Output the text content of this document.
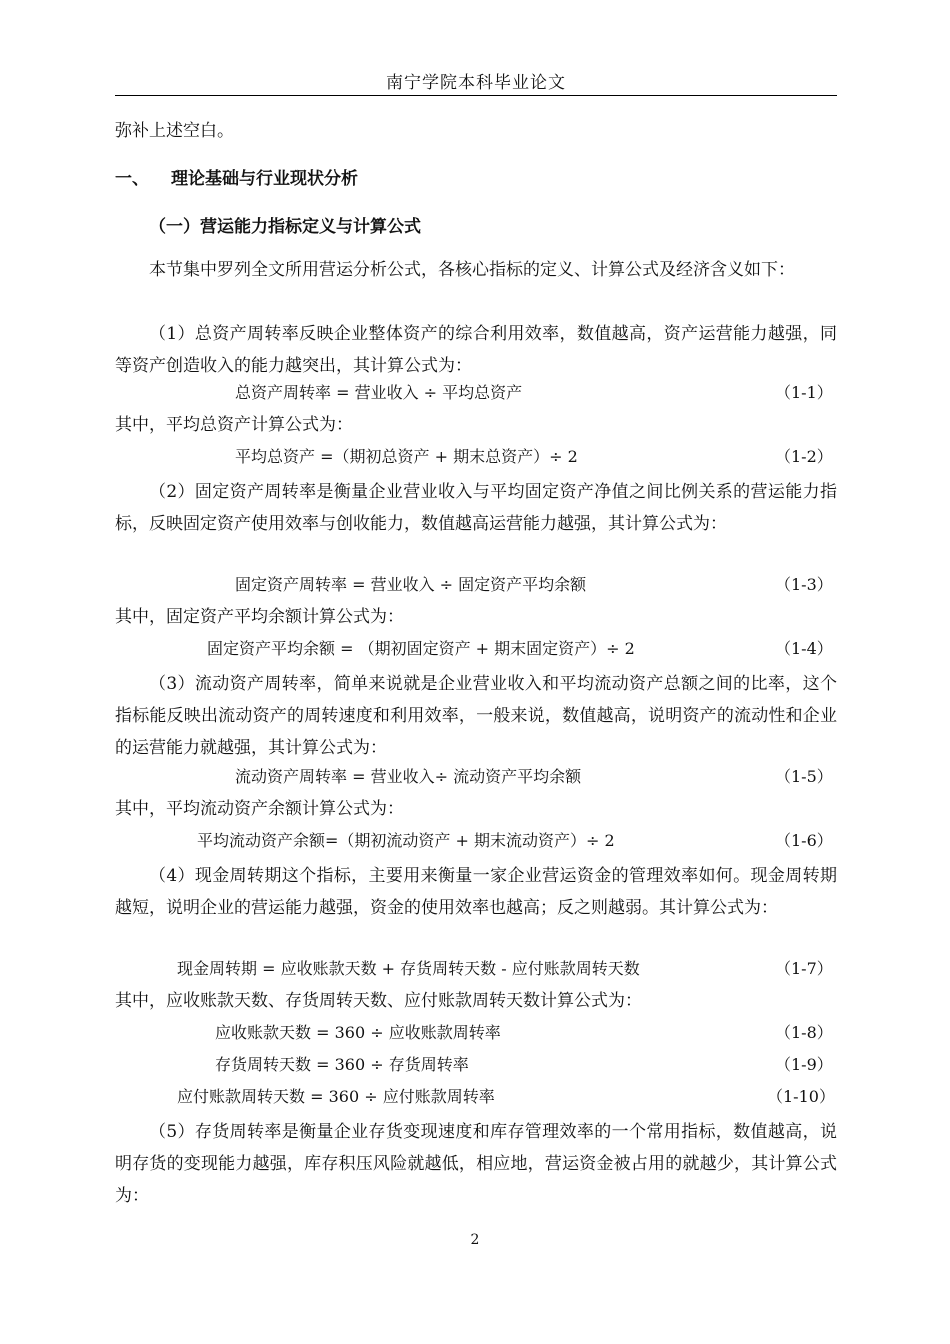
南宁学院本科毕业论文
弥补上述空白。
一、 理论基础与行业现状分析
（一）营运能力指标定义与计算公式
本节集中罗列全文所用营运分析公式，各核心指标的定义、计算公式及经济含义如下：
（1）总资产周转率反映企业整体资产的综合利用效率，数值越高，资产运营能力越强，同等资产创造收入的能力越突出，其计算公式为：
总资产周转率 = 营业收入 ÷ 平均总资产	（1-1）
其中，平均总资产计算公式为：
平均总资产 =（期初总资产 + 期末总资产）÷ 2	（1-2）
（2）固定资产周转率是衡量企业营业收入与平均固定资产净值之间比例关系的营运能力指标，反映固定资产使用效率与创收能力，数值越高运营能力越强，其计算公式为：
固定资产周转率 = 营业收入 ÷ 固定资产平均余额	（1-3）
其中，固定资产平均余额计算公式为：
固定资产平均余额 = （期初固定资产 + 期末固定资产）÷ 2	（1-4）
（3）流动资产周转率，简单来说就是企业营业收入和平均流动资产总额之间的比率，这个指标能反映出流动资产的周转速度和利用效率，一般来说，数值越高，说明资产的流动性和企业的运营能力就越强，其计算公式为：
流动资产周转率 = 营业收入÷ 流动资产平均余额	（1-5）
其中，平均流动资产余额计算公式为：
平均流动资产余额=（期初流动资产 + 期末流动资产）÷ 2	（1-6）
（4）现金周转期这个指标，主要用来衡量一家企业营运资金的管理效率如何。现金周转期越短，说明企业的营运能力越强，资金的使用效率也越高；反之则越弱。其计算公式为：
现金周转期 = 应收账款天数 + 存货周转天数 - 应付账款周转天数	（1-7）
其中，应收账款天数、存货周转天数、应付账款周转天数计算公式为：
应收账款天数 = 360 ÷ 应收账款周转率	（1-8）
存货周转天数 = 360 ÷ 存货周转率	（1-9）
应付账款周转天数 = 360 ÷ 应付账款周转率	（1-10）
（5）存货周转率是衡量企业存货变现速度和库存管理效率的一个常用指标，数值越高，说明存货的变现能力越强，库存积压风险就越低，相应地，营运资金被占用的就越少，其计算公式为：
2
